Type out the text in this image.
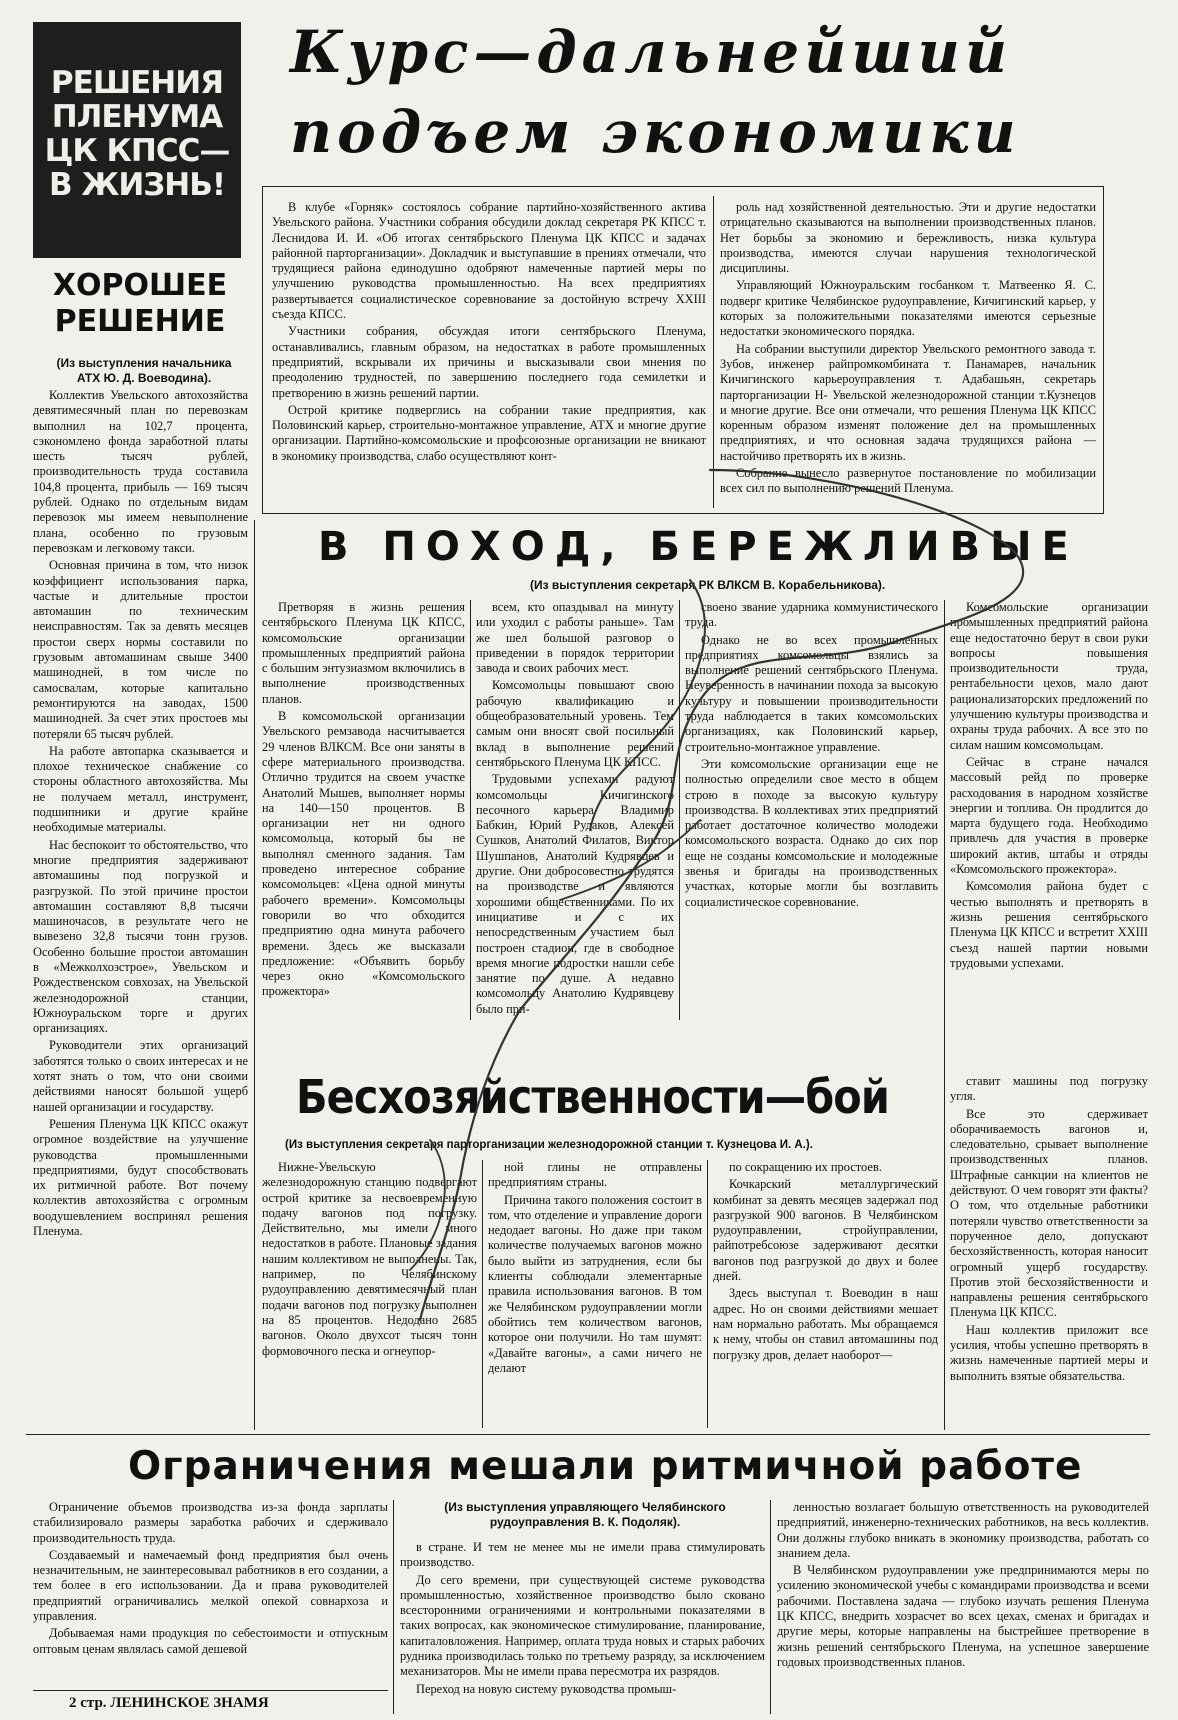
РЕШЕНИЯ
ПЛЕНУМА
ЦК КПСС—
В ЖИЗНЬ!
Курс—дальнейший
подъем экономики

В клубе «Горняк» состоялось собрание партийно-хозяйственного актива Увельского района. Участники собрания обсудили доклад секретаря РК КПСС т. Леснидова И. И. «Об итогах сентябрьского Пленума ЦК КПСС и задачах районной парторганизации». Докладчик и выступавшие в прениях отмечали, что трудящиеся района единодушно одобряют намеченные партией меры по улучшению руководства промышленностью. На всех предприятиях развертывается социалистическое соревнование за достойную встречу XXIII съезда КПСС.

Участники собрания, обсуждая итоги сентябрьского Пленума, останавливались, главным образом, на недостатках в работе промышленных предприятий, вскрывали их причины и высказывали свои мнения по преодолению трудностей, по завершению последнего года семилетки и претворению в жизнь решений партии.

Острой критике подверглись на собрании такие предприятия, как Половинский карьер, строительно-монтажное управление, АТХ и многие другие организации. Партийно-комсомольские и профсоюзные организации не вникают в экономику производства, слабо осуществляют конт-

роль над хозяйственной деятельностью. Эти и другие недостатки отрицательно сказываются на выполнении производственных планов. Нет борьбы за экономию и бережливость, низка культура производства, имеются случаи нарушения технологической дисциплины.

Управляющий Южноуральским госбанком т. Матвеенко Я. С. подверг критике Челябинское рудоуправление, Кичигинский карьер, у которых за положительными показателями имеются серьезные недостатки экономического порядка.

На собрании выступили директор Увельского ремонтного завода т. Зубов, инженер райпромкомбината т. Панамарев, начальник Кичигинского карьероуправления т. Адабашьян, секретарь парторганизации Н- Увельской железнодорожной станции т.Кузнецов и многие другие. Все они отмечали, что решения Пленума ЦК КПСС коренным образом изменят положение дел на промышленных предприятиях, и что основная задача трудящихся района — настойчиво претворять их в жизнь.

Собрание вынесло развернутое постановление по мобилизации всех сил по выполнению решений Пленума.

ХОРОШЕЕ РЕШЕНИЕ
(Из выступления начальника АТХ Ю. Д. Воеводина).

Коллектив Увельского автохозяйства девятимесячный план по перевозкам выполнил на 102,7 процента, сэкономлено фонда заработной платы шесть тысяч рублей, производительность труда составила 104,8 процента, прибыль — 169 тысяч рублей. Однако по отдельным видам перевозок мы имеем невыполнение плана, особенно по грузовым перевозкам и легковому такси.

Основная причина в том, что низок коэффициент использования парка, частые и длительные простои автомашин по техническим неисправностям. Так за девять месяцев простои сверх нормы составили по грузовым автомашинам свыше 3400 машинодней, в том числе по самосвалам, которые капитально ремонтируются на заводах, 1500 машинодней. За счет этих простоев мы потеряли 65 тысяч рублей.

На работе автопарка сказывается и плохое техническое снабжение со стороны областного автохозяйства. Мы не получаем металл, инструмент, подшипники и другие крайне необходимые материалы.

Нас беспокоит то обстоятельство, что многие предприятия задерживают автомашины под погрузкой и разгрузкой. По этой причине простои автомашин составляют 8,8 тысячи машиночасов, в результате чего не вывезено 32,8 тысячи тонн грузов. Особенно большие простои автомашин в «Межколхозстрое», Увельском и Рождественском совхозах, на Увельской железнодорожной станции, Южноуральском торге и других организациях.

Руководители этих организаций заботятся только о своих интересах и не хотят знать о том, что они своими действиями наносят большой ущерб нашей организации и государству.

Решения Пленума ЦК КПСС окажут огромное воздействие на улучшение руководства промышленными предприятиями, будут способствовать их ритмичной работе. Вот почему коллектив автохозяйства с огромным воодушевлением воспринял решения Пленума.

В ПОХОД, БЕРЕЖЛИВЫЕ
(Из выступления секретаря РК ВЛКСМ В. Корабельникова).

Претворяя в жизнь решения сентябрьского Пленума ЦК КПСС, комсомольские организации промышленных предприятий района с большим энтузиазмом включились в выполнение производственных планов.

В комсомольской организации Увельского ремзавода насчитывается 29 членов ВЛКСМ. Все они заняты в сфере материального производства. Отлично трудится на своем участке Анатолий Мышев, выполняет нормы на 140—150 процентов. В организации нет ни одного комсомольца, который бы не выполнял сменного задания. Там проведено интересное собрание комсомольцев: «Цена одной минуты рабочего времени». Комсомольцы говорили во что обходится предприятию одна минута рабочего времени. Здесь же высказали предложение: «Объявить борьбу через окно «Комсомольского прожектора»

всем, кто опаздывал на минуту или уходил с работы раньше». Там же шел большой разговор о приведении в порядок территории завода и своих рабочих мест.

Комсомольцы повышают свою рабочую квалификацию и общеобразовательный уровень. Тем самым они вносят свой посильный вклад в выполнение решений сентябрьского Пленума ЦК КПСС.

Трудовыми успехами радуют комсомольцы Кичигинского песочного карьера. Владимир Бабкин, Юрий Рудаков, Алексей Сушков, Анатолий Филатов, Виктор Шушпанов, Анатолий Кудрявцев и другие. Они добросовестно трудятся на производстве и являются хорошими общественниками. По их инициативе и с их непосредственным участием был построен стадион, где в свободное время многие подростки нашли себе занятие по душе. А недавно комсомольцу Анатолию Кудрявцеву было при-

своено звание ударника коммунистического труда.

Однако не во всех промышленных предприятиях комсомольцы взялись за выполнение решений сентябрьского Пленума. Неуверенность в начинании похода за высокую культуру и повышении производительности труда наблюдается в таких комсомольских организациях, как Половинский карьер, строительно-монтажное управление.

Эти комсомольские организации еще не полностью определили свое место в общем строю в походе за высокую культуру производства. В коллективах этих предприятий работает достаточное количество молодежи комсомольского возраста. Однако до сих пор еще не созданы комсомольские и молодежные звенья и бригады на производственных участках, которые могли бы возглавить социалистическое соревнование.

Комсомольские организации промышленных предприятий района еще недостаточно берут в свои руки вопросы повышения производительности труда, рентабельности цехов, мало дают рационализаторских предложений по улучшению культуры производства и охраны труда рабочих. А все это по силам нашим комсомольцам.

Сейчас в стране начался массовый рейд по проверке расходования в народном хозяйстве энергии и топлива. Он продлится до марта будущего года. Необходимо привлечь для участия в проверке широкий актив, штабы и отряды «Комсомольского прожектора».

Комсомолия района будет с честью выполнять и претворять в жизнь решения сентябрьского Пленума ЦК КПСС и встретит XXIII съезд нашей партии новыми трудовыми успехами.

Бесхозяйственности—бой
(Из выступления секретаря парторганизации железнодорожной станции т. Кузнецова И. А.).

Нижне-Увельскую железнодорожную станцию подвергают острой критике за несвоевременную подачу вагонов под погрузку. Действительно, мы имели много недостатков в работе. Плановые задания нашим коллективом не выполнены. Так, например, по Челябинскому рудоуправлению девятимесячный план подачи вагонов под погрузку выполнен на 85 процентов. Недодано 2685 вагонов. Около двухсот тысяч тонн формовочного песка и огнеупор-

ной глины не отправлены предприятиям страны.

Причина такого положения состоит в том, что отделение и управление дороги недодает вагоны. Но даже при таком количестве получаемых вагонов можно было выйти из затруднения, если бы клиенты соблюдали элементарные правила использования вагонов. В том же Челябинском рудоуправлении могли обойтись тем количеством вагонов, которое они получили. Но там шумят: «Давайте вагоны», а сами ничего не делают

по сокращению их простоев.

Кочкарский металлургический комбинат за девять месяцев задержал под разгрузкой 900 вагонов. В Челябинском рудоуправлении, стройуправлении, райпотребсоюзе задерживают десятки вагонов под разгрузкой до двух и более дней.

Здесь выступал т. Воеводин в наш адрес. Но он своими действиями мешает нам нормально работать. Мы обращаемся к нему, чтобы он ставил автомашины под погрузку дров, делает наоборот—

ставит машины под погрузку угля.

Все это сдерживает оборачиваемость вагонов и, следовательно, срывает выполнение производственных планов. Штрафные санкции на клиентов не действуют. О чем говорят эти факты? О том, что отдельные работники потеряли чувство ответственности за порученное дело, допускают бесхозяйственность, которая наносит огромный ущерб государству. Против этой бесхозяйственности и направлены решения сентябрьского Пленума ЦК КПСС.

Наш коллектив приложит все усилия, чтобы успешно претворять в жизнь намеченные партией меры и выполнить взятые обязательства.

Ограничения мешали ритмичной работе
(Из выступления управляющего Челябинского рудоуправления В. К. Подоляк).

Ограничение объемов производства из-за фонда зарплаты стабилизировало размеры заработка рабочих и сдерживало производительность труда.

Создаваемый и намечаемый фонд предприятия был очень незначительным, не заинтересовывал работников в его создании, а тем более в его использовании. Да и права руководителей предприятий ограничивались мелкой опекой совнархоза и управления.

Добываемая нами продукция по себестоимости и отпускным оптовым ценам являлась самой дешевой

в стране. И тем не менее мы не имели права стимулировать производство.

До сего времени, при существующей системе руководства промышленностью, хозяйственное производство было сковано всесторонними ограничениями и контрольными показателями в таких вопросах, как экономическое стимулирование, планирование, капиталовложения. Например, оплата труда новых и старых рабочих рудника производилась только по третьему разряду, за исключением механизаторов. Мы не имели права пересмотра их разрядов.

Переход на новую систему руководства промыш-

ленностью возлагает большую ответственность на руководителей предприятий, инженерно-технических работников, на весь коллектив. Они должны глубоко вникать в экономику производства, работать со знанием дела.

В Челябинском рудоуправлении уже предпринимаются меры по усилению экономической учебы с командирами производства и всеми рабочими. Поставлена задача — глубоко изучать решения Пленума ЦК КПСС, внедрить хозрасчет во всех цехах, сменах и бригадах и другие меры, которые направлены на быстрейшее претворение в жизнь решений сентябрьского Пленума, на успешное завершение годовых производственных планов.

2 стр. ЛЕНИНСКОЕ ЗНАМЯ
